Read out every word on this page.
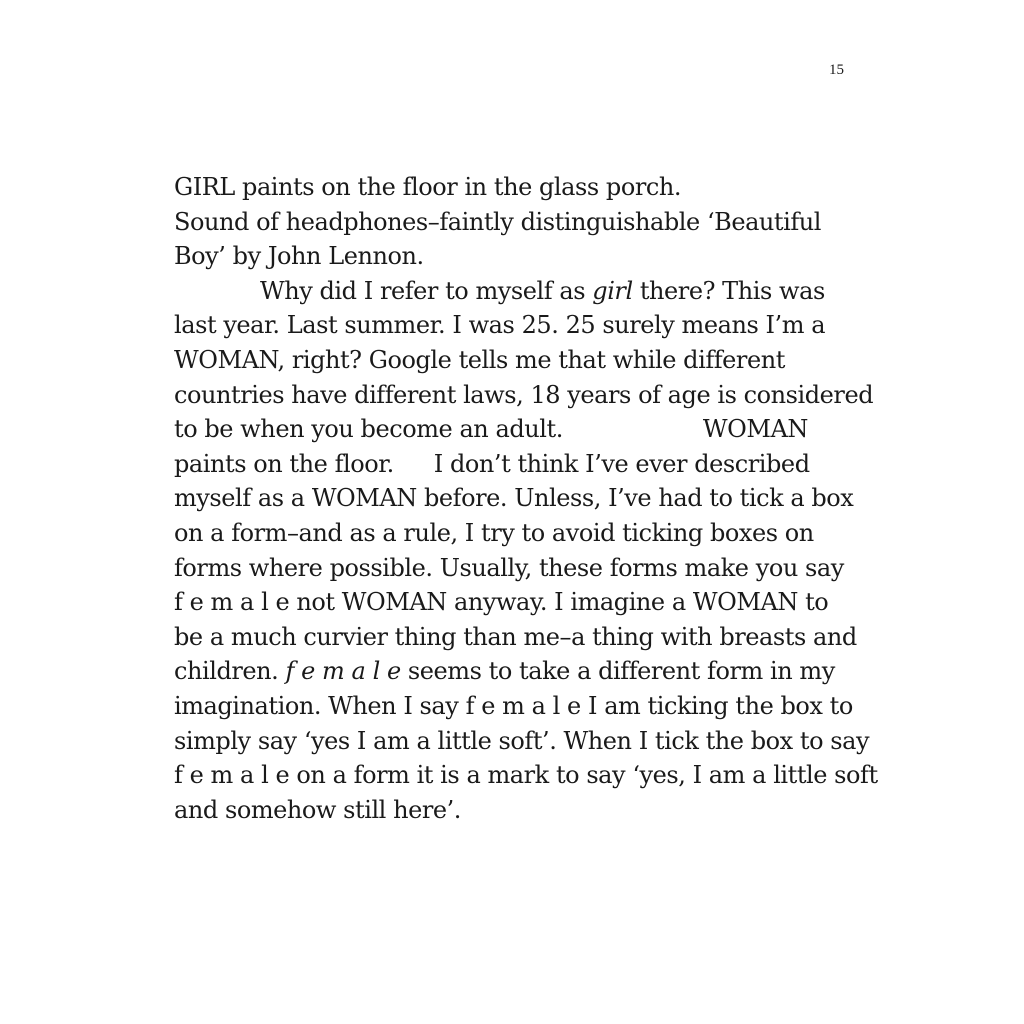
15
GIRL paints on the floor in the glass porch.
Sound of headphones–faintly distinguishable ‘Beautiful
Boy’ by John Lennon.
Why did I refer to myself as girl there? This was
last year. Last summer. I was 25. 25 surely means I’m a
WOMAN, right? Google tells me that while different
countries have different laws, 18 years of age is considered
to be when you become an adult.	WOMAN
paints on the floor. I don’t think I’ve ever described
myself as a WOMAN before. Unless, I’ve had to tick a box
on a form–and as a rule, I try to avoid ticking boxes on
forms where possible. Usually, these forms make you say
f e m a l e not WOMAN anyway. I imagine a WOMAN to
be a much curvier thing than me–a thing with breasts and
children. f e m a l e seems to take a different form in my
imagination. When I say f e m a l e I am ticking the box to
simply say ‘yes I am a little soft’. When I tick the box to say
f e m a l e on a form it is a mark to say ‘yes, I am a little soft
and somehow still here’.
